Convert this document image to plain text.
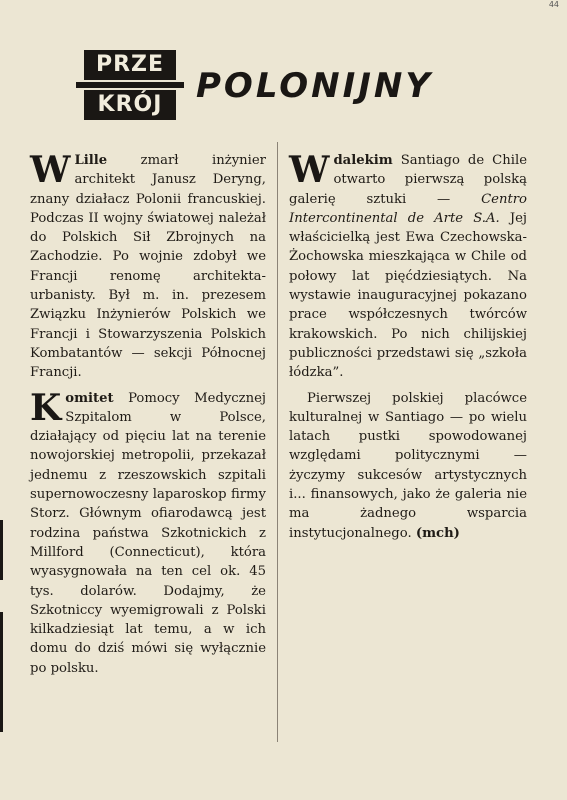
44
PRZE
KRÓJ POLONIJNY

W Lille zmarł inżynier architekt Janusz Deryng, znany działacz Polonii francuskiej. Podczas II wojny światowej należał do Polskich Sił Zbrojnych na Zachodzie. Po wojnie zdobył we Francji renomę architekta-urbanisty. Był m. in. prezesem Związku Inżynierów Polskich we Francji i Stowarzyszenia Polskich Kombatantów — sekcji Północnej Francji.

Komitet Pomocy Medycznej Szpitalom w Polsce, działający od pięciu lat na terenie nowojorskiej metropolii, przekazał jednemu z rzeszowskich szpitali supernowoczesny laparoskop firmy Storz. Głównym ofiarodawcą jest rodzina państwa Szkotnickich z Millford (Connecticut), która wyasygnowała na ten cel ok. 45 tys. dolarów. Dodajmy, że Szkotniccy wyemigrowali z Polski kilkadziesiąt lat temu, a w ich domu do dziś mówi się wyłącznie po polsku.

Wdalekim Santiago de Chile otwarto pierwszą polską galerię sztuki — Centro Intercontinental de Arte S.A. Jej właścicielką jest Ewa Czechowska-Żochowska mieszkająca w Chile od połowy lat pięćdziesiątych. Na wystawie inauguracyjnej pokazano prace współczesnych twórców krakowskich. Po nich chilijskiej publiczności przedstawi się „szkoła łódzka”.

Pierwszej polskiej placówce kulturalnej w Santiago — po wielu latach pustki spowodowanej względami politycznymi — życzymy sukcesów artystycznych i... finansowych, jako że galeria nie ma żadnego wsparcia instytucjonalnego. (mch)
